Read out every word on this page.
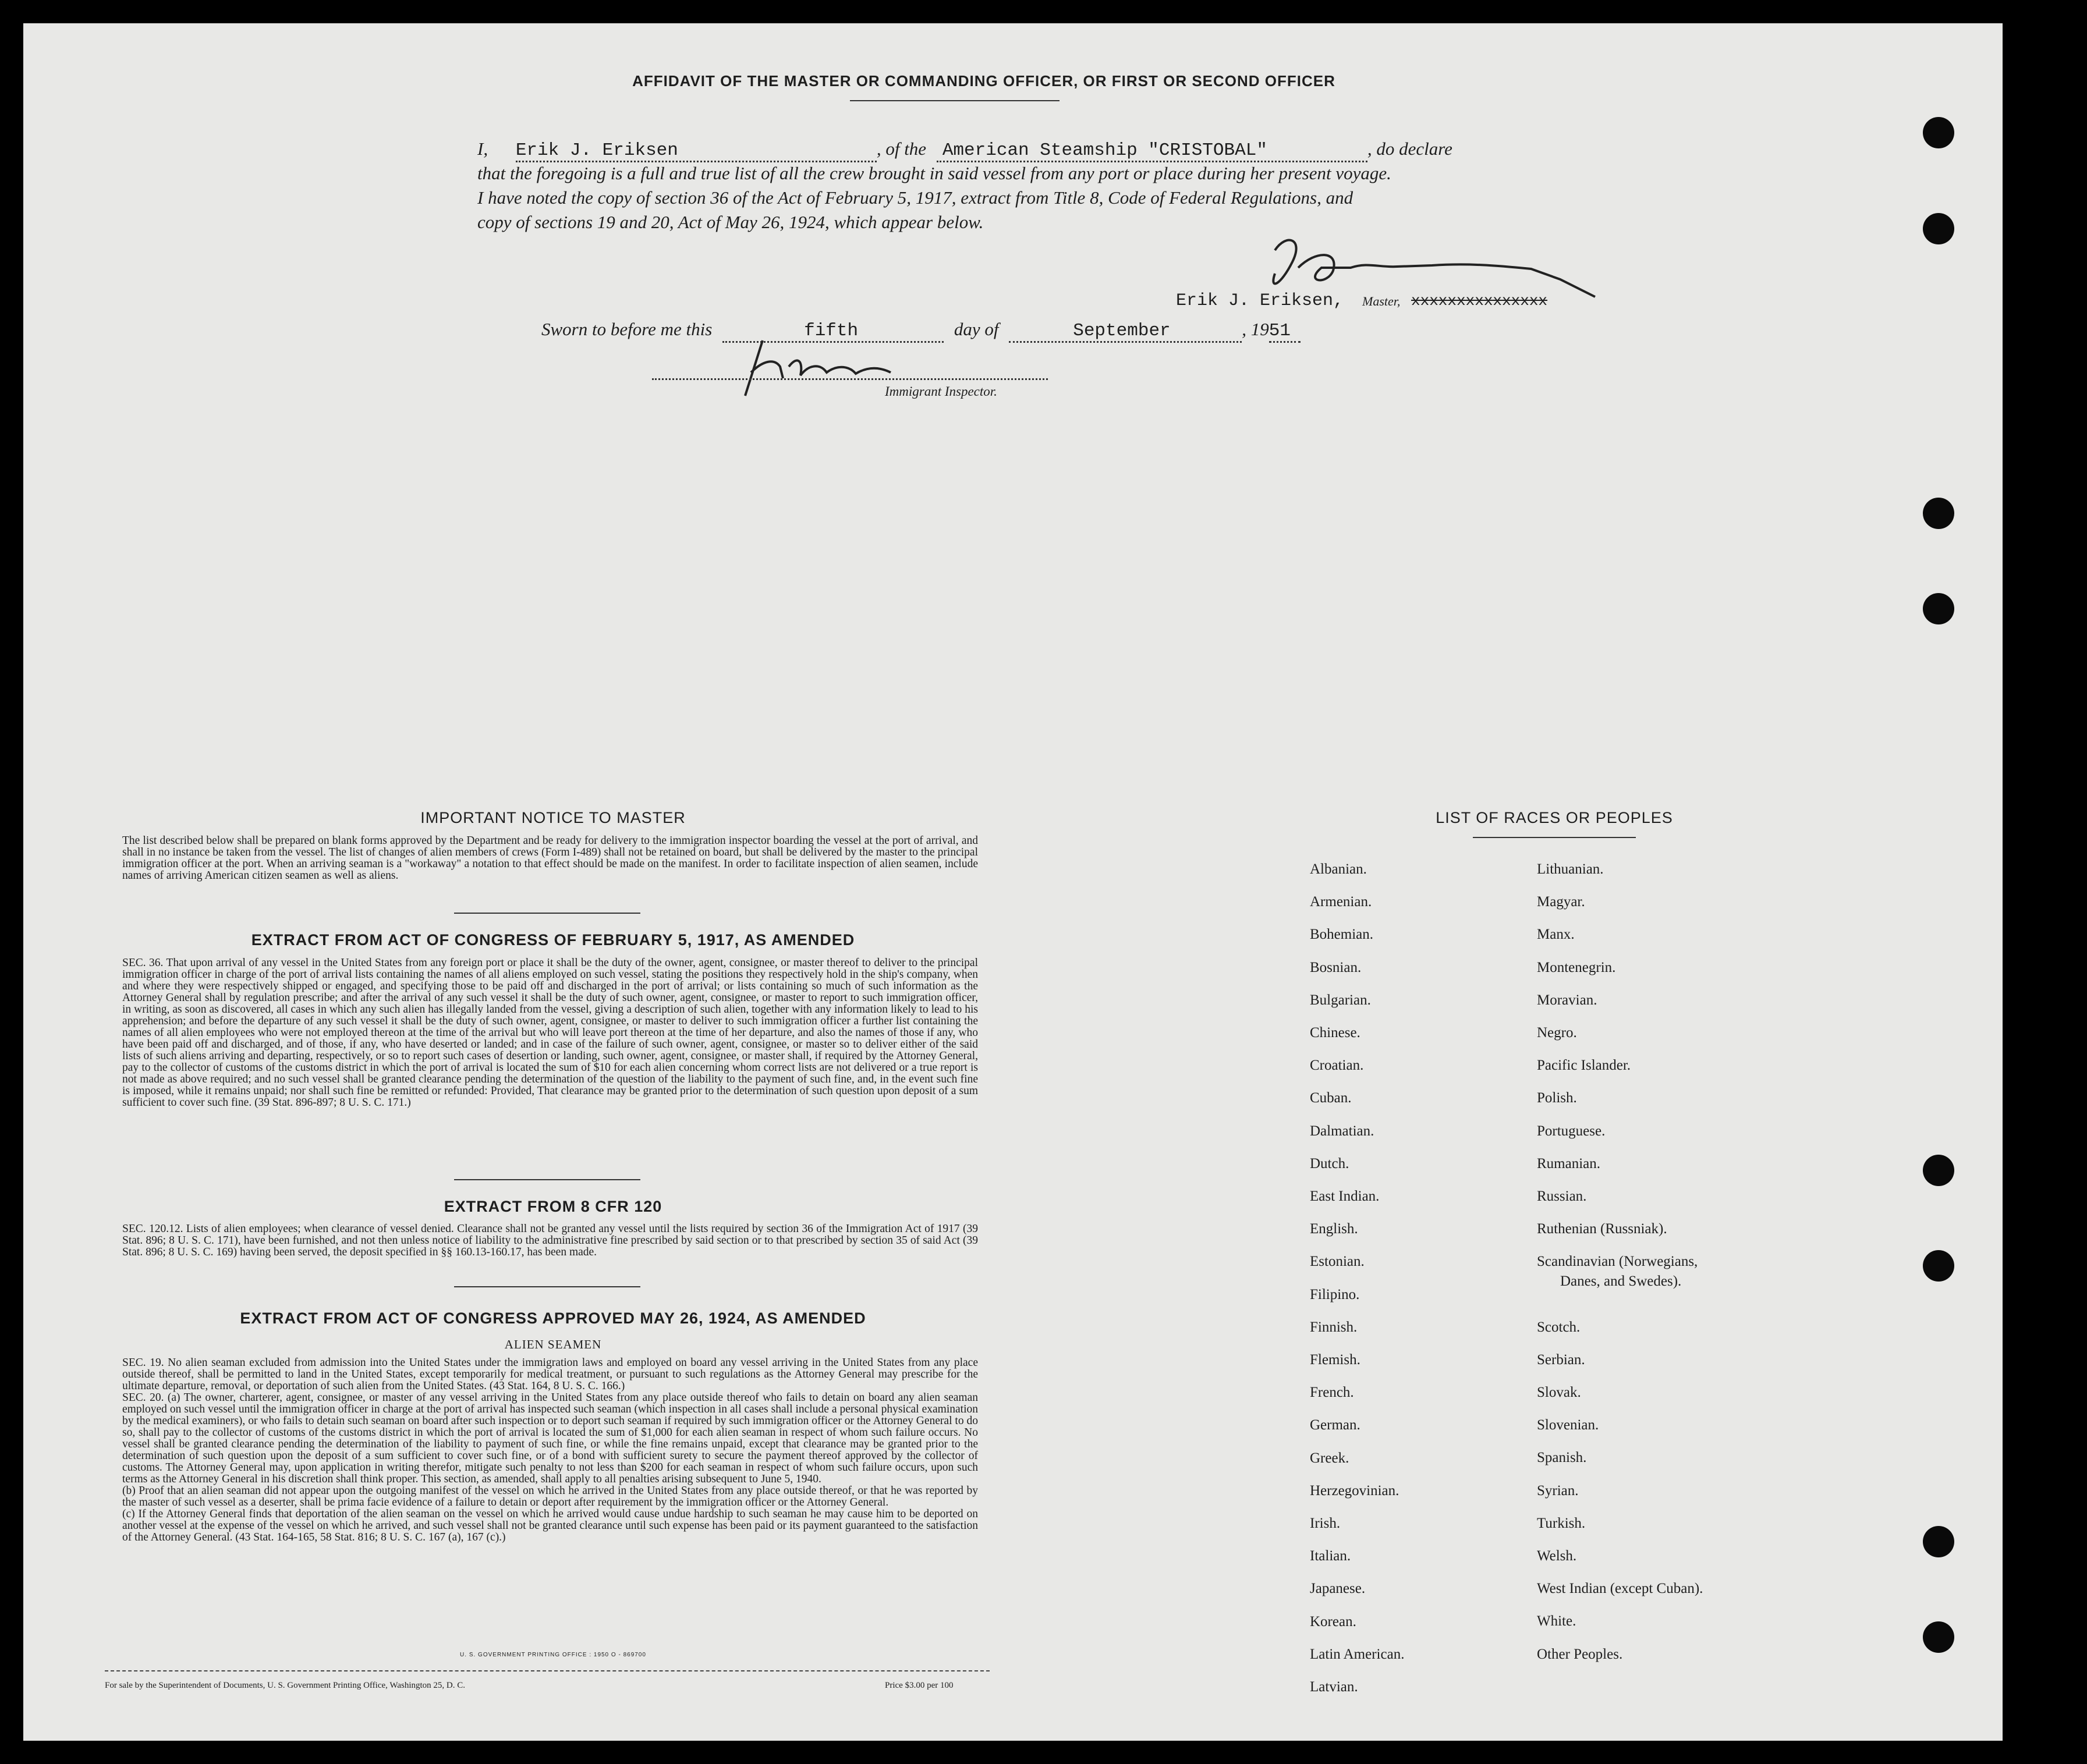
AFFIDAVIT OF THE MASTER OR COMMANDING OFFICER, OR FIRST OR SECOND OFFICER
I, Erik J. Eriksen	, of the American Steamship "CRISTOBAL"	, do declare
that the foregoing is a full and true list of all the crew brought in said vessel from any port or place during her present voyage.
I have noted the copy of section 36 of the Act of February 5, 1917, extract from Title 8, Code of Federal Regulations, and
copy of sections 19 and 20, Act of May 26, 1924, which appear below.
Erik J. Eriksen, Master, xxxxxxxxxxxxxxx
Sworn to before me this	fifth	day of	September	, 1951
Immigrant Inspector.
IMPORTANT NOTICE TO MASTER
The list described below shall be prepared on blank forms approved by the Department and be ready for delivery to the immigration inspector boarding the vessel at the port of arrival, and shall in no instance be taken from the vessel. The list of changes of alien members of crews (Form I-489) shall not be retained on board, but shall be delivered by the master to the principal immigration officer at the port. When an arriving seaman is a "workaway" a notation to that effect should be made on the manifest. In order to facilitate inspection of alien seamen, include names of arriving American citizen seamen as well as aliens.
EXTRACT FROM ACT OF CONGRESS OF FEBRUARY 5, 1917, AS AMENDED
SEC. 36. That upon arrival of any vessel in the United States from any foreign port or place it shall be the duty of the owner, agent, consignee, or master thereof to deliver to the principal immigration officer in charge of the port of arrival lists containing the names of all aliens employed on such vessel, stating the positions they respectively hold in the ship's company, when and where they were respectively shipped or engaged, and specifying those to be paid off and discharged in the port of arrival; or lists containing so much of such information as the Attorney General shall by regulation prescribe; and after the arrival of any such vessel it shall be the duty of such owner, agent, consignee, or master to report to such immigration officer, in writing, as soon as discovered, all cases in which any such alien has illegally landed from the vessel, giving a description of such alien, together with any information likely to lead to his apprehension; and before the departure of any such vessel it shall be the duty of such owner, agent, consignee, or master to deliver to such immigration officer a further list containing the names of all alien employees who were not employed thereon at the time of the arrival but who will leave port thereon at the time of her departure, and also the names of those if any, who have been paid off and discharged, and of those, if any, who have deserted or landed; and in case of the failure of such owner, agent, consignee, or master so to deliver either of the said lists of such aliens arriving and departing, respectively, or so to report such cases of desertion or landing, such owner, agent, consignee, or master shall, if required by the Attorney General, pay to the collector of customs of the customs district in which the port of arrival is located the sum of $10 for each alien concerning whom correct lists are not delivered or a true report is not made as above required; and no such vessel shall be granted clearance pending the determination of the question of the liability to the payment of such fine, and, in the event such fine is imposed, while it remains unpaid; nor shall such fine be remitted or refunded: Provided, That clearance may be granted prior to the determination of such question upon deposit of a sum sufficient to cover such fine. (39 Stat. 896-897; 8 U. S. C. 171.)
EXTRACT FROM 8 CFR 120
SEC. 120.12. Lists of alien employees; when clearance of vessel denied. Clearance shall not be granted any vessel until the lists required by section 36 of the Immigration Act of 1917 (39 Stat. 896; 8 U. S. C. 171), have been furnished, and not then unless notice of liability to the administrative fine prescribed by said section or to that prescribed by section 35 of said Act (39 Stat. 896; 8 U. S. C. 169) having been served, the deposit specified in §§ 160.13-160.17, has been made.
EXTRACT FROM ACT OF CONGRESS APPROVED MAY 26, 1924, AS AMENDED
ALIEN SEAMEN
SEC. 19. No alien seaman excluded from admission into the United States under the immigration laws and employed on board any vessel arriving in the United States from any place outside thereof, shall be permitted to land in the United States, except temporarily for medical treatment, or pursuant to such regulations as the Attorney General may prescribe for the ultimate departure, removal, or deportation of such alien from the United States. (43 Stat. 164, 8 U. S. C. 166.)
SEC. 20. (a) The owner, charterer, agent, consignee, or master of any vessel arriving in the United States from any place outside thereof who fails to detain on board any alien seaman employed on such vessel until the immigration officer in charge at the port of arrival has inspected such seaman (which inspection in all cases shall include a personal physical examination by the medical examiners), or who fails to detain such seaman on board after such inspection or to deport such seaman if required by such immigration officer or the Attorney General to do so, shall pay to the collector of customs of the customs district in which the port of arrival is located the sum of $1,000 for each alien seaman in respect of whom such failure occurs. No vessel shall be granted clearance pending the determination of the liability to payment of such fine, or while the fine remains unpaid, except that clearance may be granted prior to the determination of such question upon the deposit of a sum sufficient to cover such fine, or of a bond with sufficient surety to secure the payment thereof approved by the collector of customs. The Attorney General may, upon application in writing therefor, mitigate such penalty to not less than $200 for each seaman in respect of whom such failure occurs, upon such terms as the Attorney General in his discretion shall think proper. This section, as amended, shall apply to all penalties arising subsequent to June 5, 1940.
(b) Proof that an alien seaman did not appear upon the outgoing manifest of the vessel on which he arrived in the United States from any place outside thereof, or that he was reported by the master of such vessel as a deserter, shall be prima facie evidence of a failure to detain or deport after requirement by the immigration officer or the Attorney General.
(c) If the Attorney General finds that deportation of the alien seaman on the vessel on which he arrived would cause undue hardship to such seaman he may cause him to be deported on another vessel at the expense of the vessel on which he arrived, and such vessel shall not be granted clearance until such expense has been paid or its payment guaranteed to the satisfaction of the Attorney General. (43 Stat. 164-165, 58 Stat. 816; 8 U. S. C. 167 (a), 167 (c).)
U. S. GOVERNMENT PRINTING OFFICE : 1950 O - 869700
For sale by the Superintendent of Documents, U. S. Government Printing Office, Washington 25, D. C.	Price $3.00 per 100
LIST OF RACES OR PEOPLES
Albanian.
Armenian.
Bohemian.
Bosnian.
Bulgarian.
Chinese.
Croatian.
Cuban.
Dalmatian.
Dutch.
East Indian.
English.
Estonian.
Filipino.
Finnish.
Flemish.
French.
German.
Greek.
Herzegovinian.
Irish.
Italian.
Japanese.
Korean.
Latin American.
Latvian.
Lithuanian.
Magyar.
Manx.
Montenegrin.
Moravian.
Negro.
Pacific Islander.
Polish.
Portuguese.
Rumanian.
Russian.
Ruthenian (Russniak).
Scandinavian (Norwegians,
Danes, and Swedes).
Scotch.
Serbian.
Slovak.
Slovenian.
Spanish.
Syrian.
Turkish.
Welsh.
West Indian (except Cuban).
White.
Other Peoples.
